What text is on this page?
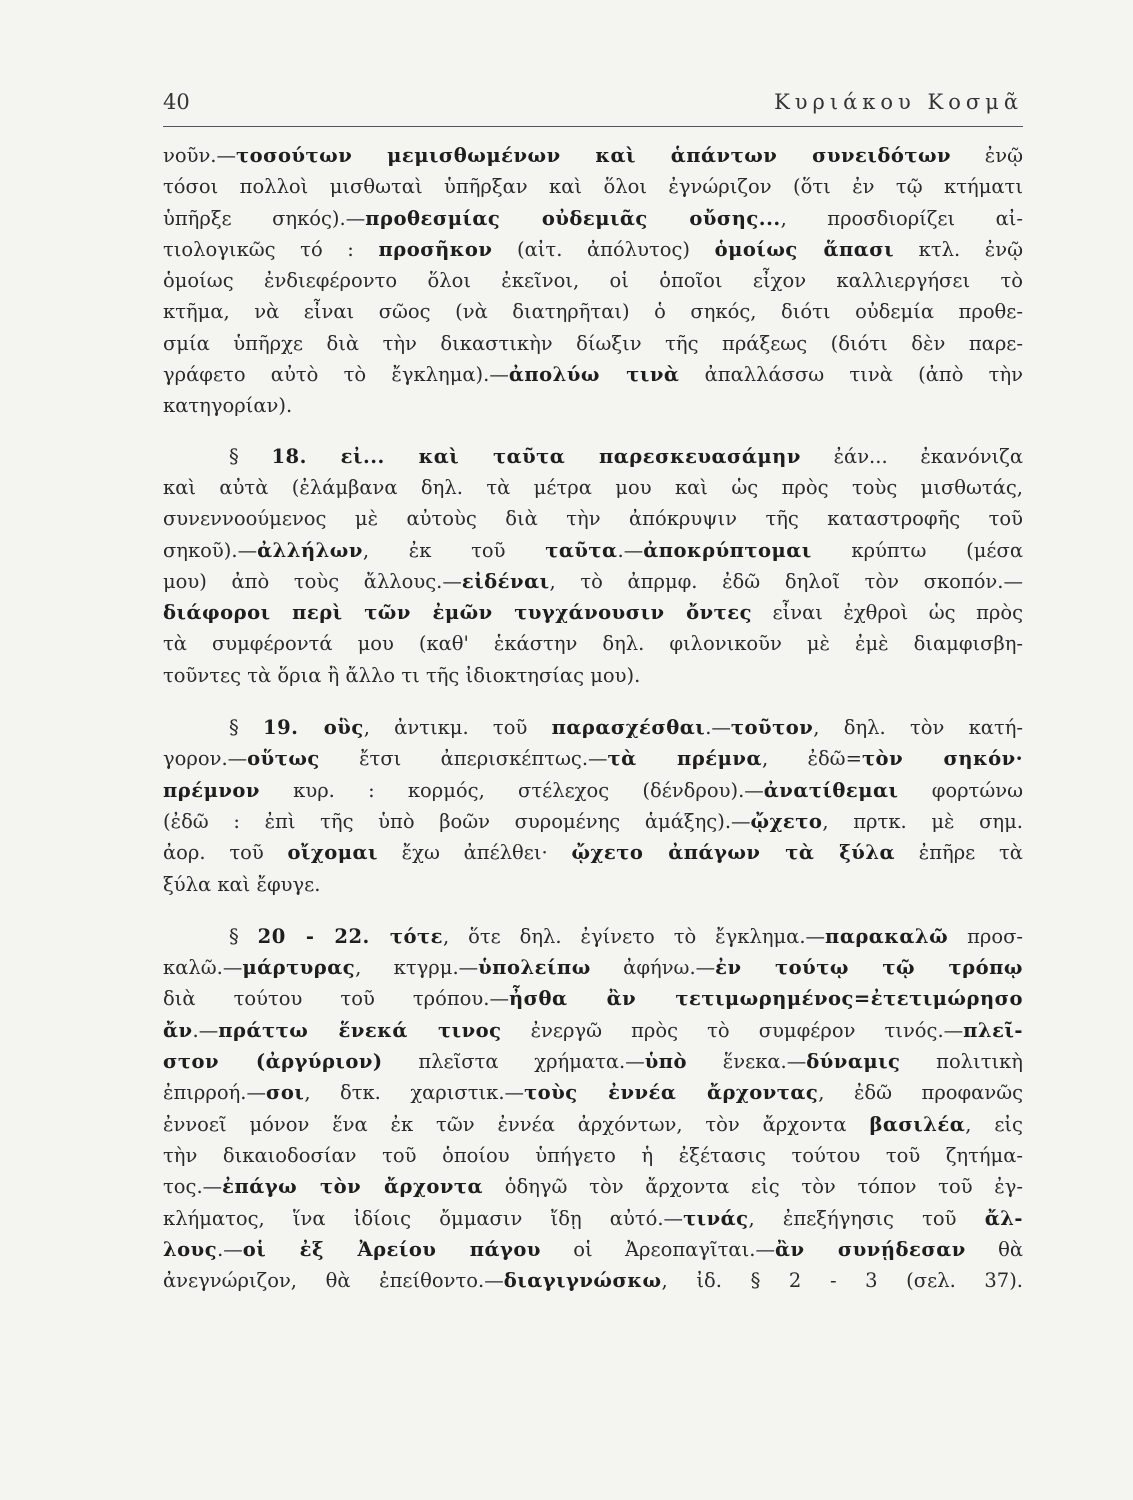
40	Κυριάκου Κοσμᾶ
νοῦν.—τοσούτων μεμισθωμένων καὶ ἁπάντων συνειδότων ἐνῷ
τόσοι πολλοὶ μισθωταὶ ὑπῆρξαν καὶ ὅλοι ἐγνώριζον (ὅτι ἐν τῷ κτήματι
ὑπῆρξε σηκός).—προθεσμίας οὐδεμιᾶς οὔσης..., προσδιορίζει αἰ-
τιολογικῶς τό : προσῆκον (αἰτ. ἀπόλυτος) ὁμοίως ἅπασι κτλ. ἐνῷ
ὁμοίως ἐνδιεφέροντο ὅλοι ἐκεῖνοι, οἱ ὁποῖοι εἶχον καλλιεργήσει τὸ
κτῆμα, νὰ εἶναι σῶος (νὰ διατηρῆται) ὁ σηκός, διότι οὐδεμία προθε-
σμία ὑπῆρχε διὰ τὴν δικαστικὴν δίωξιν τῆς πράξεως (διότι δὲν παρε-
γράφετο αὐτὸ τὸ ἔγκλημα).—ἀπολύω τινὰ ἀπαλλάσσω τινὰ (ἀπὸ τὴν
κατηγορίαν).
§ 18. εἰ... καὶ ταῦτα παρεσκευασάμην ἐάν... ἐκανόνιζα
καὶ αὐτὰ (ἐλάμβανα δηλ. τὰ μέτρα μου καὶ ὡς πρὸς τοὺς μισθωτάς,
συνεννοούμενος μὲ αὐτοὺς διὰ τὴν ἀπόκρυψιν τῆς καταστροφῆς τοῦ
σηκοῦ).—ἀλλήλων, ἐκ τοῦ ταῦτα.—ἀποκρύπτομαι κρύπτω (μέσα
μου) ἀπὸ τοὺς ἄλλους.—εἰδέναι, τὸ ἀπρμφ. ἐδῶ δηλοῖ τὸν σκοπόν.—
διάφοροι περὶ τῶν ἐμῶν τυγχάνουσιν ὄντες εἶναι ἐχθροὶ ὡς πρὸς
τὰ συμφέροντά μου (καθ' ἑκάστην δηλ. φιλονικοῦν μὲ ἐμὲ διαμφισβη-
τοῦντες τὰ ὅρια ἢ ἄλλο τι τῆς ἰδιοκτησίας μου).
§ 19. οὓς, ἀντικμ. τοῦ παρασχέσθαι.—τοῦτον, δηλ. τὸν κατή-
γορον.—οὕτως ἔτσι ἀπερισκέπτως.—τὰ πρέμνα, ἐδῶ=τὸν σηκόν·
πρέμνον κυρ. : κορμός, στέλεχος (δένδρου).—ἀνατίθεμαι φορτώνω
(ἐδῶ : ἐπὶ τῆς ὑπὸ βοῶν συρομένης ἁμάξης).—ᾤχετο, πρτκ. μὲ σημ.
ἀορ. τοῦ οἴχομαι ἔχω ἀπέλθει· ᾤχετο ἀπάγων τὰ ξύλα ἐπῆρε τὰ
ξύλα καὶ ἔφυγε.
§ 20 - 22. τότε, ὅτε δηλ. ἐγίνετο τὸ ἔγκλημα.—παρακαλῶ προσ-
καλῶ.—μάρτυρας, κτγρμ.—ὑπολείπω ἀφήνω.—ἐν τούτῳ τῷ τρόπῳ
διὰ τούτου τοῦ τρόπου.—ἦσθα ἂν τετιμωρημένος=ἐτετιμώρησο
ἄν.—πράττω ἕνεκά τινος ἐνεργῶ πρὸς τὸ συμφέρον τινός.—πλεῖ-
στον (ἀργύριον) πλεῖστα χρήματα.—ὑπὸ ἕνεκα.—δύναμις πολιτικὴ
ἐπιρροή.—σοι, δτκ. χαριστικ.—τοὺς ἐννέα ἄρχοντας, ἐδῶ προφανῶς
ἐννοεῖ μόνον ἕνα ἐκ τῶν ἐννέα ἀρχόντων, τὸν ἄρχοντα βασιλέα, εἰς
τὴν δικαιοδοσίαν τοῦ ὁποίου ὑπήγετο ἡ ἐξέτασις τούτου τοῦ ζητήμα-
τος.—ἐπάγω τὸν ἄρχοντα ὁδηγῶ τὸν ἄρχοντα εἰς τὸν τόπον τοῦ ἐγ-
κλήματος, ἵνα ἰδίοις ὄμμασιν ἴδῃ αὐτό.—τινάς, ἐπεξήγησις τοῦ ἄλ-
λους.—οἱ ἐξ Ἀρείου πάγου οἱ Ἀρεοπαγῖται.—ἂν συνῄδεσαν θὰ
ἀνεγνώριζον, θὰ ἐπείθοντο.—διαγιγνώσκω, ἰδ. § 2 - 3 (σελ. 37).
